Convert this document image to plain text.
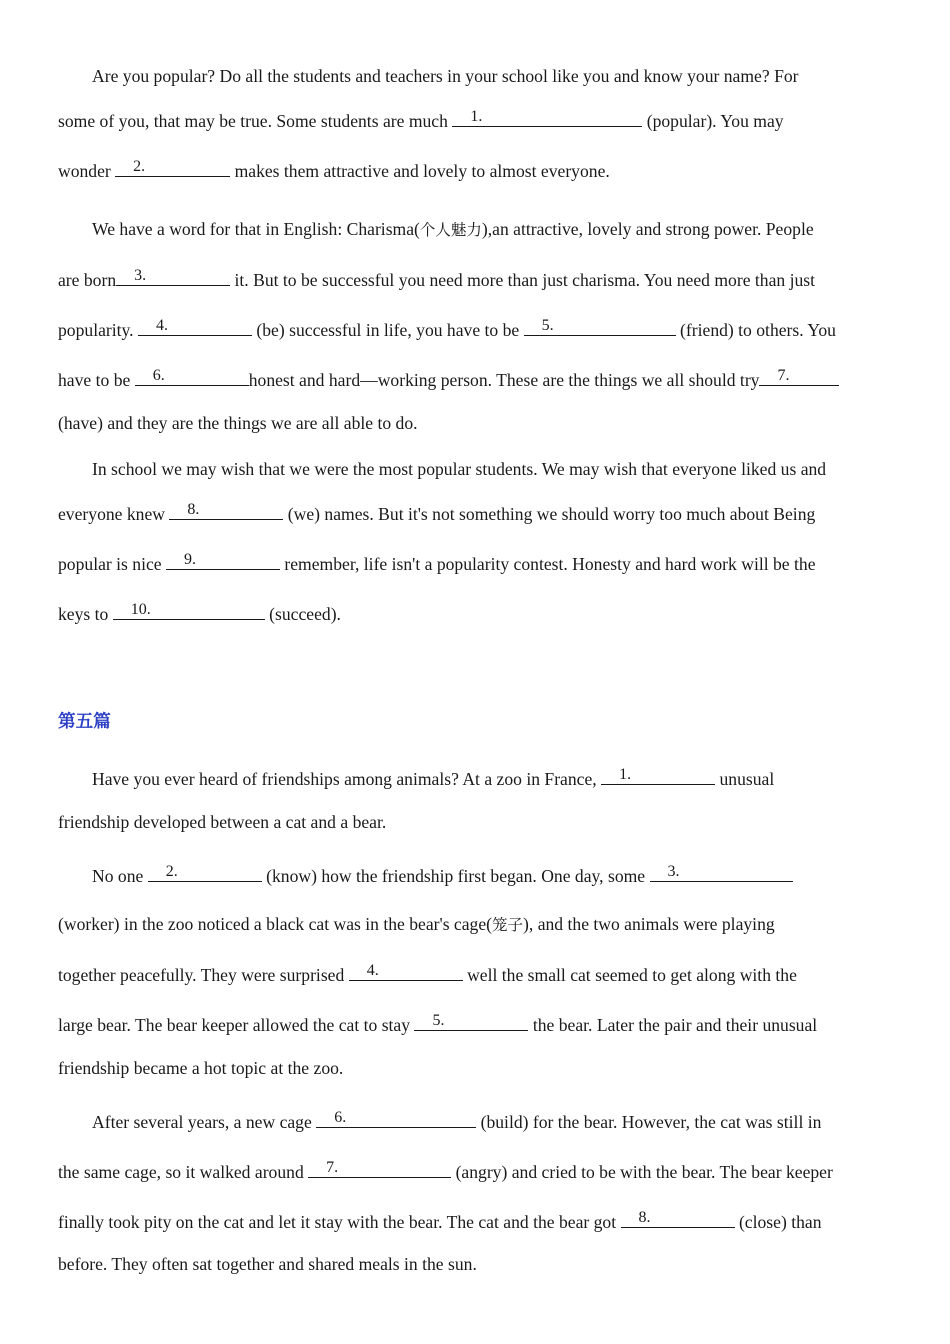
Are you popular? Do all the students and teachers in your school like you and know your name? For
some of you, that may be true. Some students are much 1.	(popular). You may
wonder 2.	makes them attractive and lovely to almost everyone.
We have a word for that in English: Charisma(个人魅力),an attractive, lovely and strong power. People
are born 3.	it. But to be successful you need more than just charisma. You need more than just
popularity. 4.	(be) successful in life, you have to be 5.	(friend) to others. You
have to be 6.	honest and hard—working person. These are the things we all should try 7.
(have) and they are the things we are all able to do.
In school we may wish that we were the most popular students. We may wish that everyone liked us and
everyone knew 8.	(we) names. But it's not something we should worry too much about Being
popular is nice 9.	remember, life isn't a popularity contest. Honesty and hard work will be the
keys to 10.	(succeed).
第五篇
Have you ever heard of friendships among animals? At a zoo in France, 1.	unusual
friendship developed between a cat and a bear.
No one 2.	(know) how the friendship first began. One day, some 3.
(worker) in the zoo noticed a black cat was in the bear's cage(笼子), and the two animals were playing
together peacefully. They were surprised 4.	well the small cat seemed to get along with the
large bear. The bear keeper allowed the cat to stay 5.	the bear. Later the pair and their unusual
friendship became a hot topic at the zoo.
After several years, a new cage 6.	(build) for the bear. However, the cat was still in
the same cage, so it walked around 7.	(angry) and cried to be with the bear. The bear keeper
finally took pity on the cat and let it stay with the bear. The cat and the bear got 8.	(close) than
before. They often sat together and shared meals in the sun.
